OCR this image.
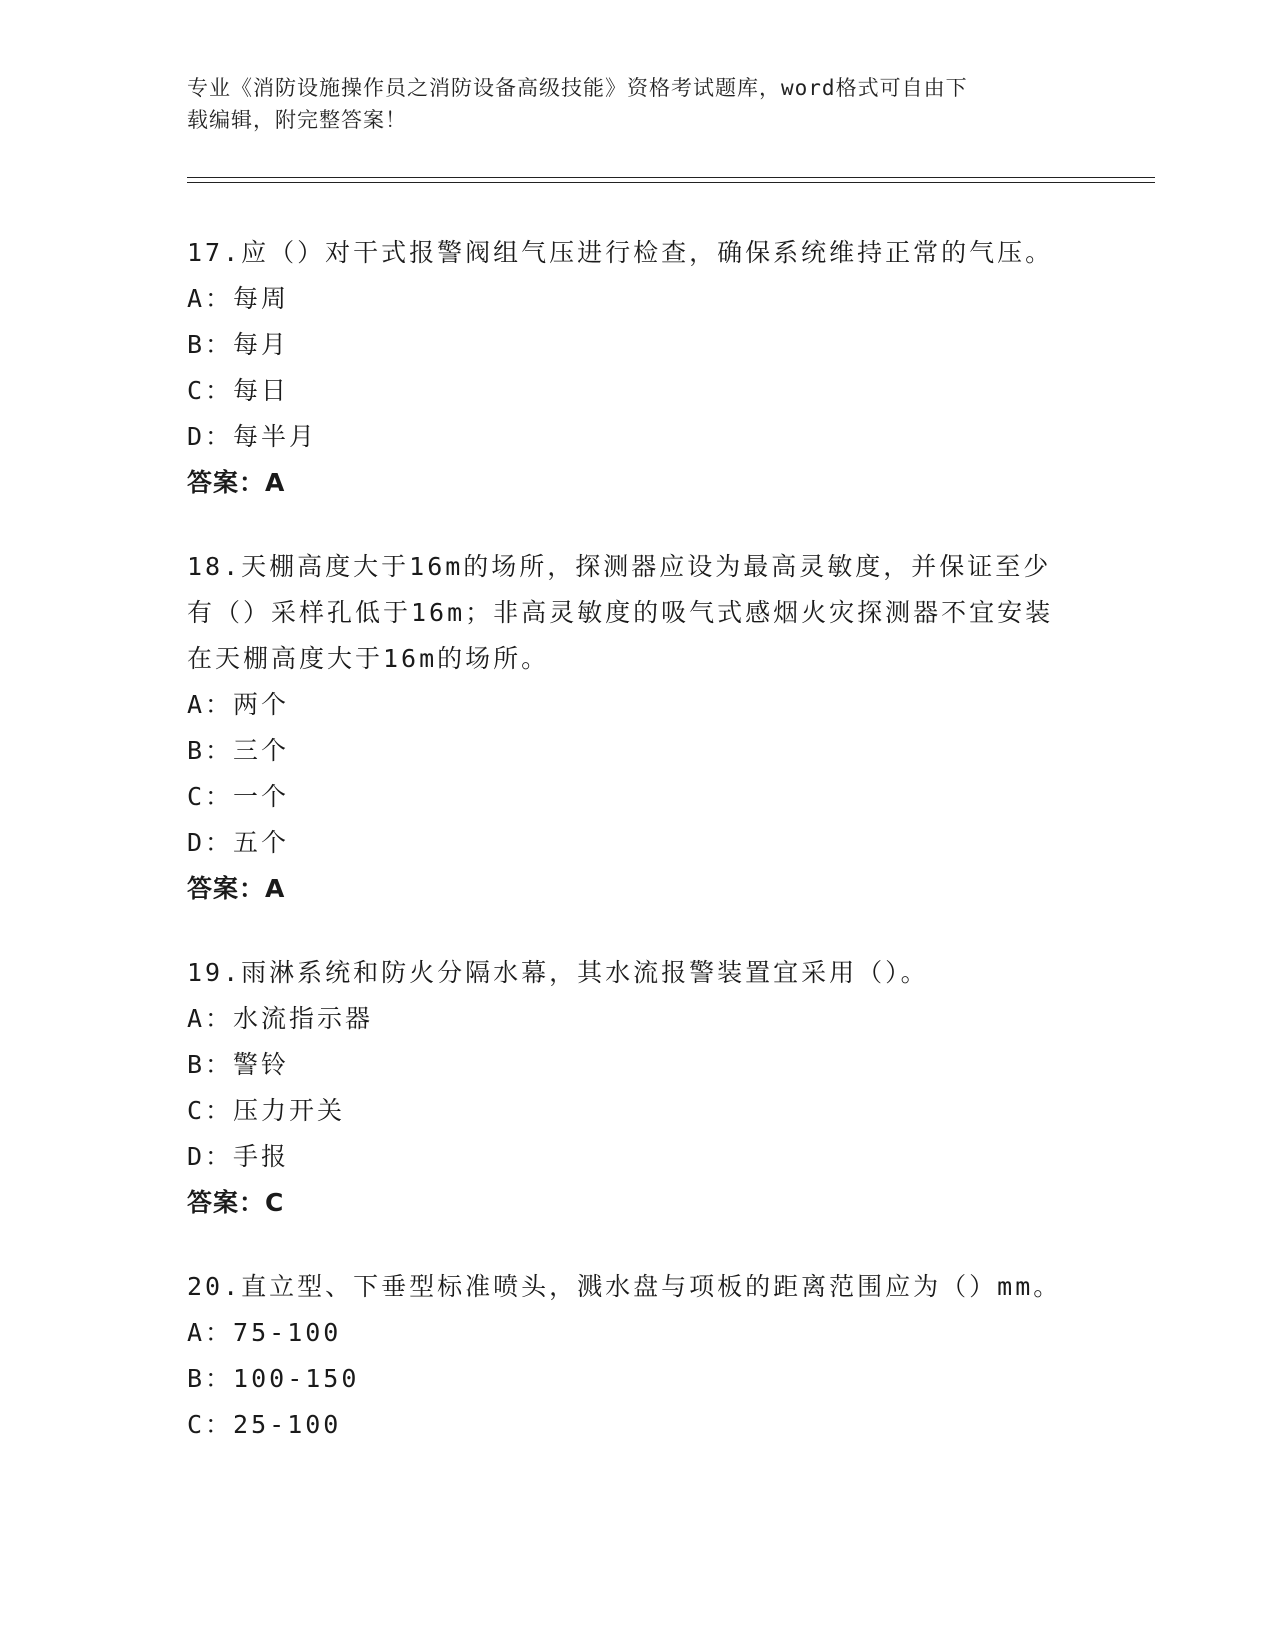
专业《消防设施操作员之消防设备高级技能》资格考试题库，word格式可自由下
载编辑，附完整答案！
17.应（）对干式报警阀组气压进行检查，确保系统维持正常的气压。
A：每周
B：每月
C：每日
D：每半月
答案：A
18.天棚高度大于16m的场所，探测器应设为最高灵敏度，并保证至少
有（）采样孔低于16m；非高灵敏度的吸气式感烟火灾探测器不宜安装
在天棚高度大于16m的场所。
A：两个
B：三个
C：一个
D：五个
答案：A
19.雨淋系统和防火分隔水幕，其水流报警装置宜采用（）。
A：水流指示器
B：警铃
C：压力开关
D：手报
答案：C
20.直立型、下垂型标准喷头，溅水盘与项板的距离范围应为（）mm。
A：75-100
B：100-150
C：25-100
